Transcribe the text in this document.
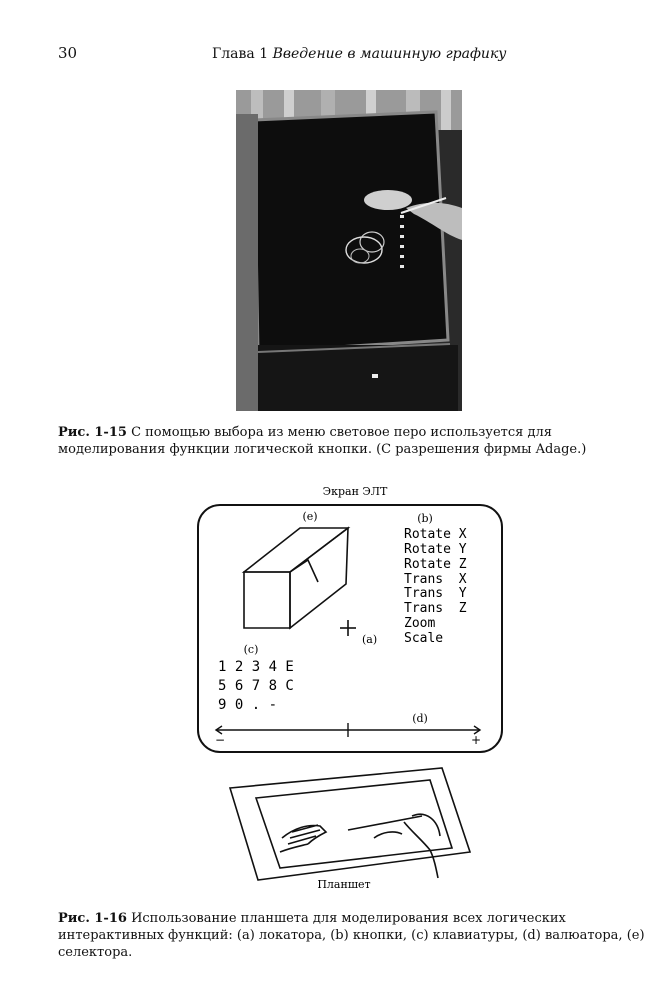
30	Глава 1 Введение в машинную графику
Рис. 1-15 С помощью выбора из меню световое перо используется для моделирования функции логической кнопки. (С разрешения фирмы Adage.)
Экран ЭЛТ
(e)	(b)
Rotate X
Rotate Y
Rotate Z
Trans  X
Trans  Y
Trans  Z
Zoom
Scale
(a)
(c)
1 2 3 4 E
5 6 7 8 C
9 0 . -
(d)
−	+
Планшет
Рис. 1-16 Использование планшета для моделирования всех логических интерактивных функций: (a) локатора, (b) кнопки, (c) клавиатуры, (d) валюатора, (e) селектора.
